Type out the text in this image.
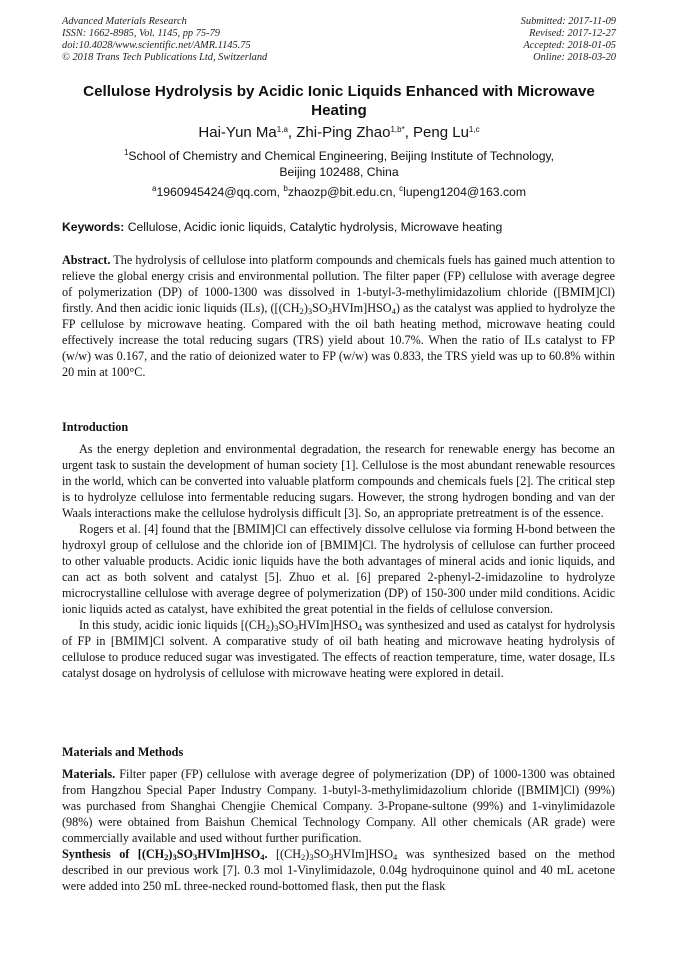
Advanced Materials Research
ISSN: 1662-8985, Vol. 1145, pp 75-79
doi:10.4028/www.scientific.net/AMR.1145.75
© 2018 Trans Tech Publications Ltd, Switzerland
Submitted: 2017-11-09
Revised: 2017-12-27
Accepted: 2018-01-05
Online: 2018-03-20
Cellulose Hydrolysis by Acidic Ionic Liquids Enhanced with Microwave
Heating
Hai-Yun Ma$^{1,a}$, Zhi-Ping Zhao$^{1,b*}$, Peng Lu$^{1,c}$
$^1$School of Chemistry and Chemical Engineering, Beijing Institute of Technology,
Beijing 102488, China
$^a$1960945424@qq.com, $^b$zhaozp@bit.edu.cn, $^c$lupeng1204@163.com
Keywords: Cellulose, Acidic ionic liquids, Catalytic hydrolysis, Microwave heating

Abstract. The hydrolysis of cellulose into platform compounds and chemicals fuels has gained much attention to relieve the global energy crisis and environmental pollution. The filter paper (FP) cellulose with average degree of polymerization (DP) of 1000-1300 was dissolved in 1-butyl-3-methylimidazolium chloride ([BMIM]Cl) firstly. And then acidic ionic liquids (ILs), $([(CH_2)_3SO_3HVIm]HSO_4)$ as the catalyst was applied to hydrolyze the FP cellulose by microwave heating. Compared with the oil bath heating method, microwave heating could effectively increase the total reducing sugars (TRS) yield about 10.7%. When the ratio of ILs catalyst to FP (w/w) was 0.167, and the ratio of deionized water to FP (w/w) was 0.833, the TRS yield was up to 60.8% within 20 min at 100°C.

Introduction

As the energy depletion and environmental degradation, the research for renewable energy has become an urgent task to sustain the development of human society [1]. Cellulose is the most abundant renewable resources in the world, which can be converted into valuable platform compounds and chemicals fuels [2]. The critical step is to hydrolyze cellulose into fermentable reducing sugars. However, the strong hydrogen bonding and van der Waals interactions make the cellulose hydrolysis difficult [3]. So, an appropriate pretreatment is of the essence.

Rogers et al. [4] found that the [BMIM]Cl can effectively dissolve cellulose via forming H-bond between the hydroxyl group of cellulose and the chloride ion of [BMIM]Cl. The hydrolysis of cellulose can further proceed to other valuable products. Acidic ionic liquids have the both advantages of mineral acids and ionic liquids, and can act as both solvent and catalyst [5]. Zhuo et al. [6] prepared 2-phenyl-2-imidazoline to hydrolyze microcrystalline cellulose with average degree of polymerization (DP) of 150-300 under mild conditions. Acidic ionic liquids acted as catalyst, have exhibited the great potential in the fields of cellulose conversion.

In this study, acidic ionic liquids $[(CH_2)_3SO_3HVIm]HSO_4$ was synthesized and used as catalyst for hydrolysis of FP in [BMIM]Cl solvent. A comparative study of oil bath heating and microwave heating hydrolysis of cellulose to produce reduced sugar was investigated. The effects of reaction temperature, time, water dosage, ILs catalyst dosage on hydrolysis of cellulose with microwave heating were explored in detail.

Materials and Methods

Materials. Filter paper (FP) cellulose with average degree of polymerization (DP) of 1000-1300 was obtained from Hangzhou Special Paper Industry Company. 1-butyl-3-methylimidazolium chloride ([BMIM]Cl) (99%) was purchased from Shanghai Chengjie Chemical Company. 3-Propane-sultone (99%) and 1-vinylimidazole (98%) were obtained from Baishun Chemical Technology Company. All other chemicals (AR grade) were commercially available and used without further purification.

Synthesis of $[(CH_2)_3SO_3HVIm]HSO_4$. $[(CH_2)_3SO_3HVIm]HSO_4$ was synthesized based on the method described in our previous work [7]. 0.3 mol 1-Vinylimidazole, 0.04g hydroquinone quinol and 40 mL acetone were added into 250 mL three-necked round-bottomed flask, then put the flask
